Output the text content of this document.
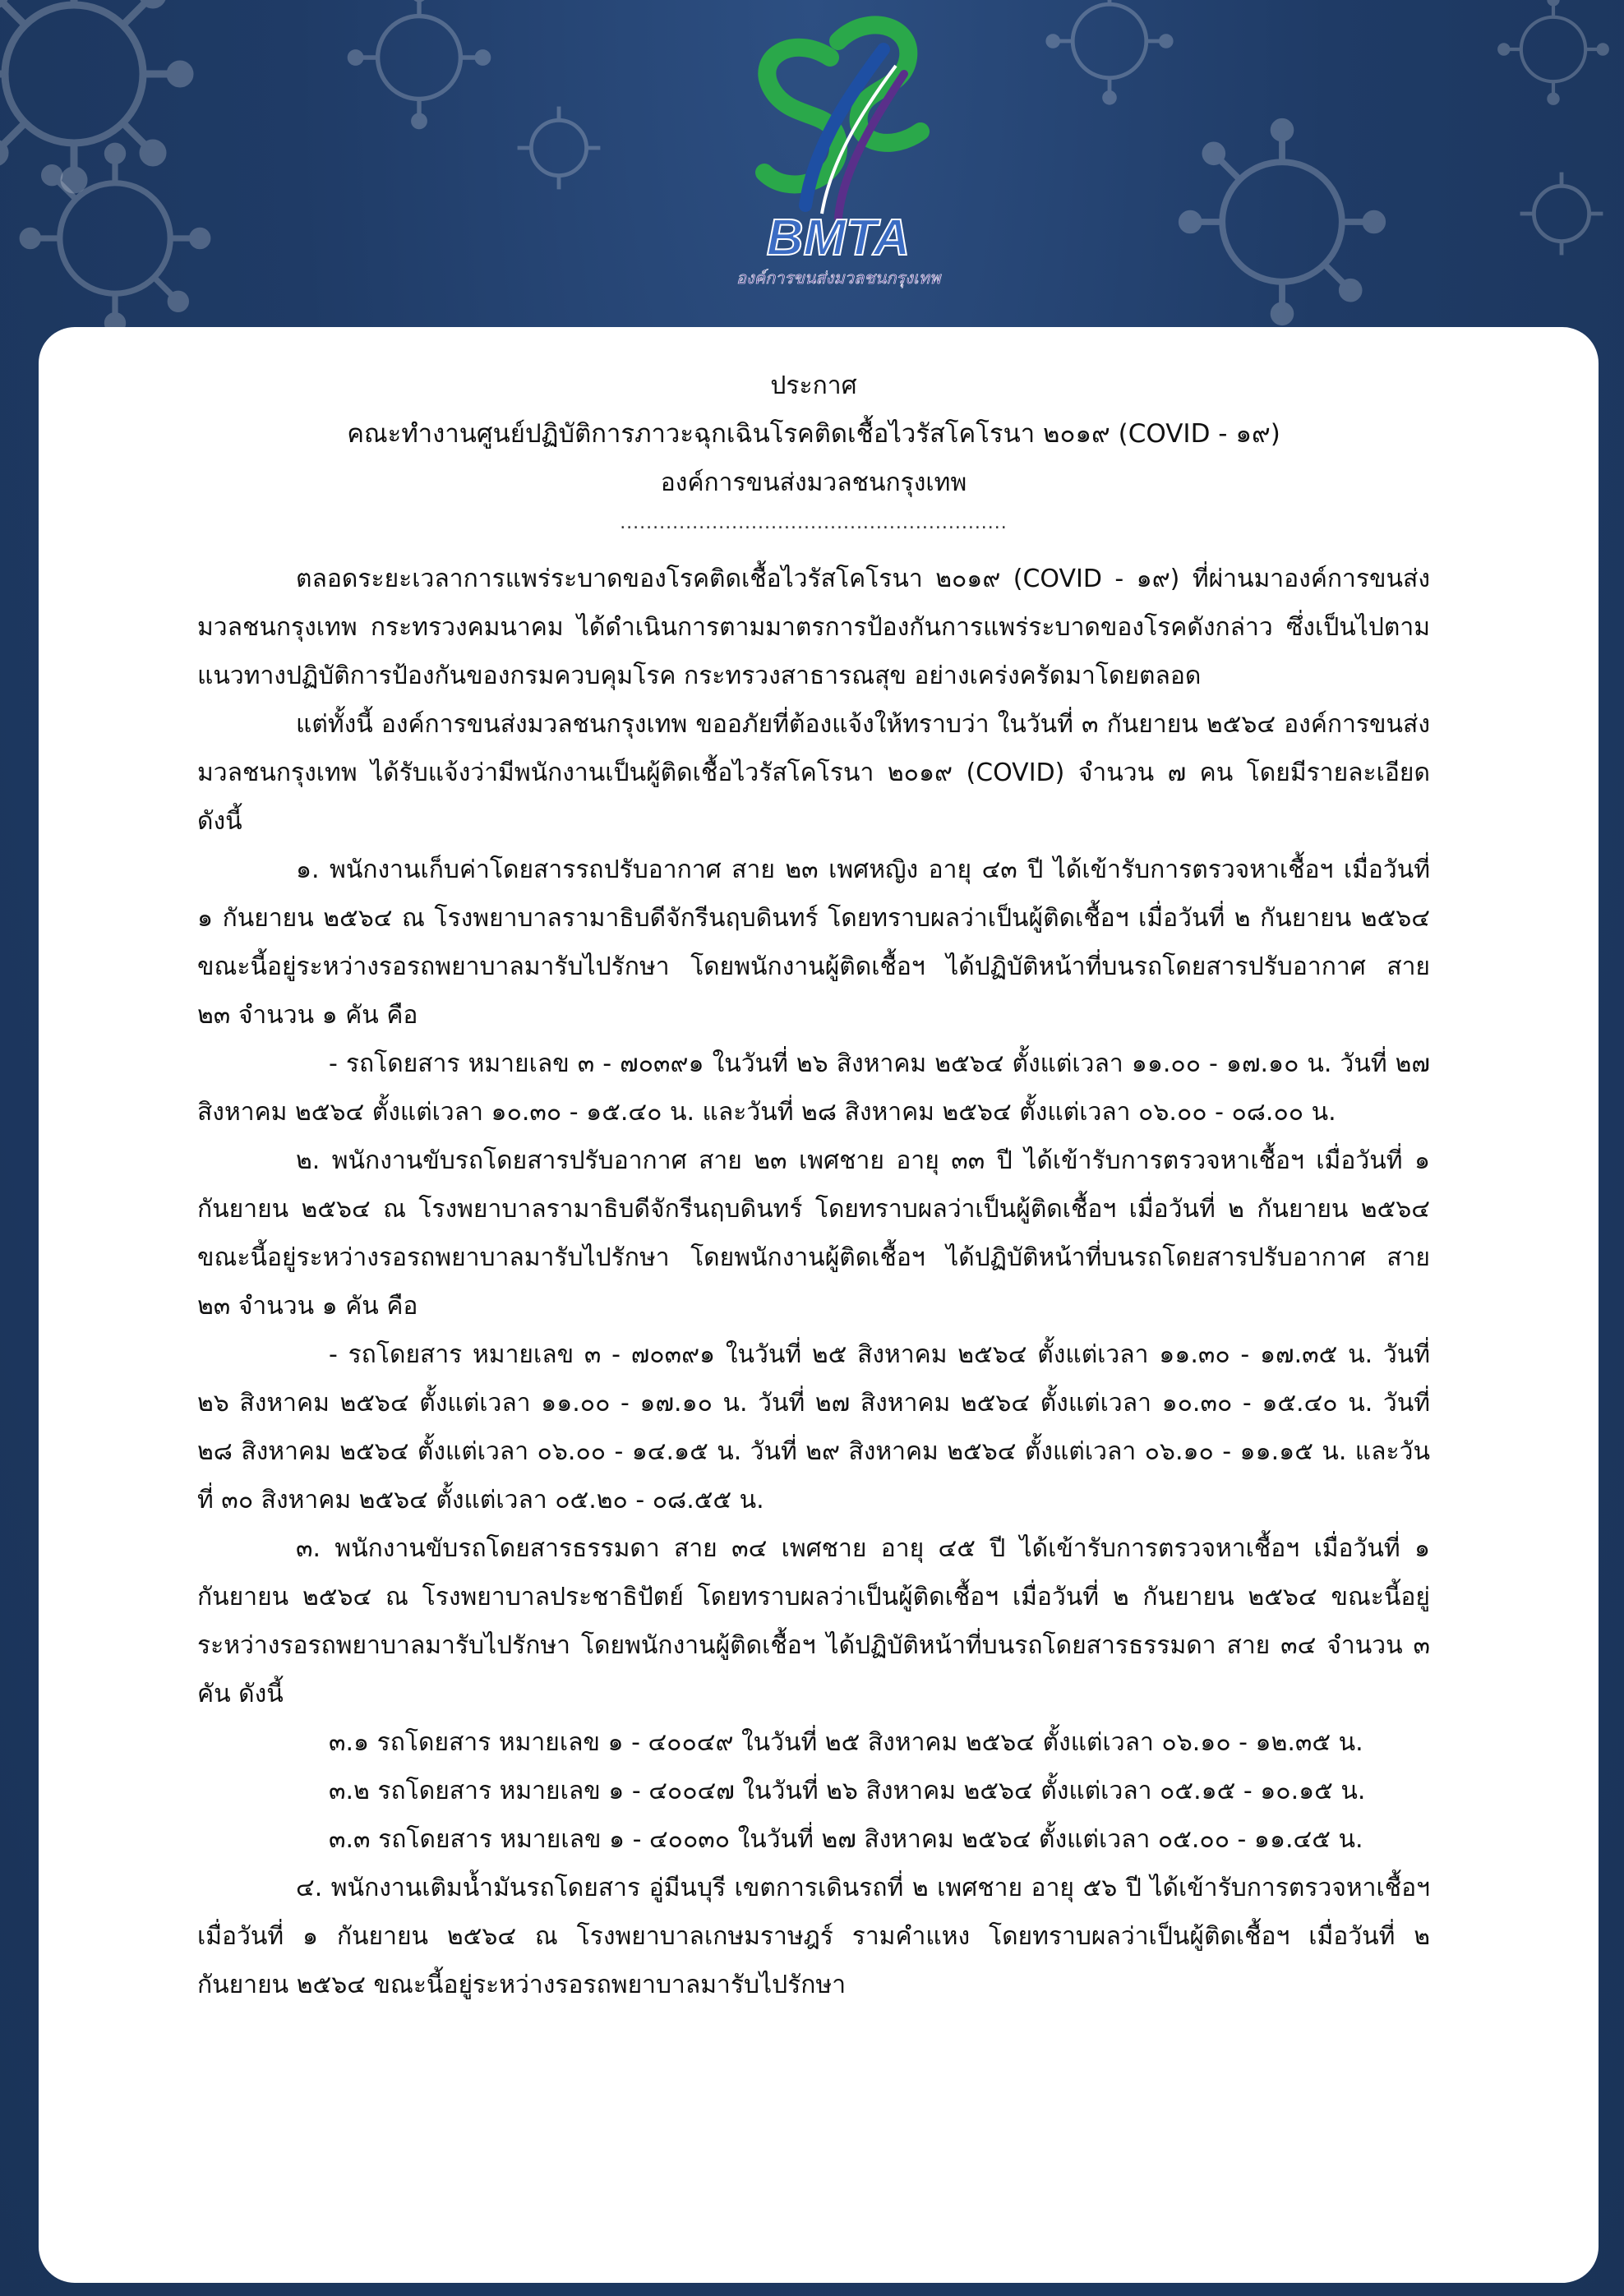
BMTA
องค์การขนส่งมวลชนกรุงเทพ
ประกาศ
คณะทำงานศูนย์ปฏิบัติการภาวะฉุกเฉินโรคติดเชื้อไวรัสโคโรนา ๒๐๑๙ (COVID - ๑๙)
องค์การขนส่งมวลชนกรุงเทพ
...........................................................
ตลอดระยะเวลาการแพร่ระบาดของโรคติดเชื้อไวรัสโคโรนา ๒๐๑๙ (COVID - ๑๙) ที่ผ่านมาองค์การขนส่งมวลชนกรุงเทพ กระทรวงคมนาคม ได้ดำเนินการตามมาตรการป้องกันการแพร่ระบาดของโรคดังกล่าว ซึ่งเป็นไปตามแนวทางปฏิบัติการป้องกันของกรมควบคุมโรค กระทรวงสาธารณสุข อย่างเคร่งครัดมาโดยตลอด
แต่ทั้งนี้ องค์การขนส่งมวลชนกรุงเทพ ขออภัยที่ต้องแจ้งให้ทราบว่า ในวันที่ ๓ กันยายน ๒๕๖๔ องค์การขนส่งมวลชนกรุงเทพ ได้รับแจ้งว่ามีพนักงานเป็นผู้ติดเชื้อไวรัสโคโรนา ๒๐๑๙ (COVID) จำนวน ๗ คน โดยมีรายละเอียด ดังนี้
๑. พนักงานเก็บค่าโดยสารรถปรับอากาศ สาย ๒๓ เพศหญิง อายุ ๔๓ ปี ได้เข้ารับการตรวจหาเชื้อฯ เมื่อวันที่ ๑ กันยายน ๒๕๖๔ ณ โรงพยาบาลรามาธิบดีจักรีนฤบดินทร์ โดยทราบผลว่าเป็นผู้ติดเชื้อฯ เมื่อวันที่ ๒ กันยายน ๒๕๖๔ ขณะนี้อยู่ระหว่างรอรถพยาบาลมารับไปรักษา โดยพนักงานผู้ติดเชื้อฯ ได้ปฏิบัติหน้าที่บนรถโดยสารปรับอากาศ สาย ๒๓ จำนวน ๑ คัน คือ
- รถโดยสาร หมายเลข ๓ - ๗๐๓๙๑ ในวันที่ ๒๖ สิงหาคม ๒๕๖๔ ตั้งแต่เวลา ๑๑.๐๐ - ๑๗.๑๐ น. วันที่ ๒๗ สิงหาคม ๒๕๖๔ ตั้งแต่เวลา ๑๐.๓๐ - ๑๕.๔๐ น. และวันที่ ๒๘ สิงหาคม ๒๕๖๔ ตั้งแต่เวลา ๐๖.๐๐ - ๐๘.๐๐ น.
๒. พนักงานขับรถโดยสารปรับอากาศ สาย ๒๓ เพศชาย อายุ ๓๓ ปี ได้เข้ารับการตรวจหาเชื้อฯ เมื่อวันที่ ๑ กันยายน ๒๕๖๔ ณ โรงพยาบาลรามาธิบดีจักรีนฤบดินทร์ โดยทราบผลว่าเป็นผู้ติดเชื้อฯ เมื่อวันที่ ๒ กันยายน ๒๕๖๔ ขณะนี้อยู่ระหว่างรอรถพยาบาลมารับไปรักษา โดยพนักงานผู้ติดเชื้อฯ ได้ปฏิบัติหน้าที่บนรถโดยสารปรับอากาศ สาย ๒๓ จำนวน ๑ คัน คือ
- รถโดยสาร หมายเลข ๓ - ๗๐๓๙๑ ในวันที่ ๒๕ สิงหาคม ๒๕๖๔ ตั้งแต่เวลา ๑๑.๓๐ - ๑๗.๓๕ น. วันที่ ๒๖ สิงหาคม ๒๕๖๔ ตั้งแต่เวลา ๑๑.๐๐ - ๑๗.๑๐ น. วันที่ ๒๗ สิงหาคม ๒๕๖๔ ตั้งแต่เวลา ๑๐.๓๐ - ๑๕.๔๐ น. วันที่ ๒๘ สิงหาคม ๒๕๖๔ ตั้งแต่เวลา ๐๖.๐๐ - ๑๔.๑๕ น. วันที่ ๒๙ สิงหาคม ๒๕๖๔ ตั้งแต่เวลา ๐๖.๑๐ - ๑๑.๑๕ น. และวันที่ ๓๐ สิงหาคม ๒๕๖๔ ตั้งแต่เวลา ๐๕.๒๐ - ๐๘.๕๕ น.
๓. พนักงานขับรถโดยสารธรรมดา สาย ๓๔ เพศชาย อายุ ๔๕ ปี ได้เข้ารับการตรวจหาเชื้อฯ เมื่อวันที่ ๑ กันยายน ๒๕๖๔ ณ โรงพยาบาลประชาธิปัตย์ โดยทราบผลว่าเป็นผู้ติดเชื้อฯ เมื่อวันที่ ๒ กันยายน ๒๕๖๔ ขณะนี้อยู่ระหว่างรอรถพยาบาลมารับไปรักษา โดยพนักงานผู้ติดเชื้อฯ ได้ปฏิบัติหน้าที่บนรถโดยสารธรรมดา สาย ๓๔ จำนวน ๓ คัน ดังนี้
๓.๑ รถโดยสาร หมายเลข ๑ - ๔๐๐๔๙ ในวันที่ ๒๕ สิงหาคม ๒๕๖๔ ตั้งแต่เวลา ๐๖.๑๐ - ๑๒.๓๕ น.
๓.๒ รถโดยสาร หมายเลข ๑ - ๔๐๐๔๗ ในวันที่ ๒๖ สิงหาคม ๒๕๖๔ ตั้งแต่เวลา ๐๕.๑๕ - ๑๐.๑๕ น.
๓.๓ รถโดยสาร หมายเลข ๑ - ๔๐๐๓๐ ในวันที่ ๒๗ สิงหาคม ๒๕๖๔ ตั้งแต่เวลา ๐๕.๐๐ - ๑๑.๔๕ น.
๔. พนักงานเติมน้ำมันรถโดยสาร อู่มีนบุรี เขตการเดินรถที่ ๒ เพศชาย อายุ ๕๖ ปี ได้เข้ารับการตรวจหาเชื้อฯ เมื่อวันที่ ๑ กันยายน ๒๕๖๔ ณ โรงพยาบาลเกษมราษฎร์ รามคำแหง โดยทราบผลว่าเป็นผู้ติดเชื้อฯ เมื่อวันที่ ๒ กันยายน ๒๕๖๔ ขณะนี้อยู่ระหว่างรอรถพยาบาลมารับไปรักษา
